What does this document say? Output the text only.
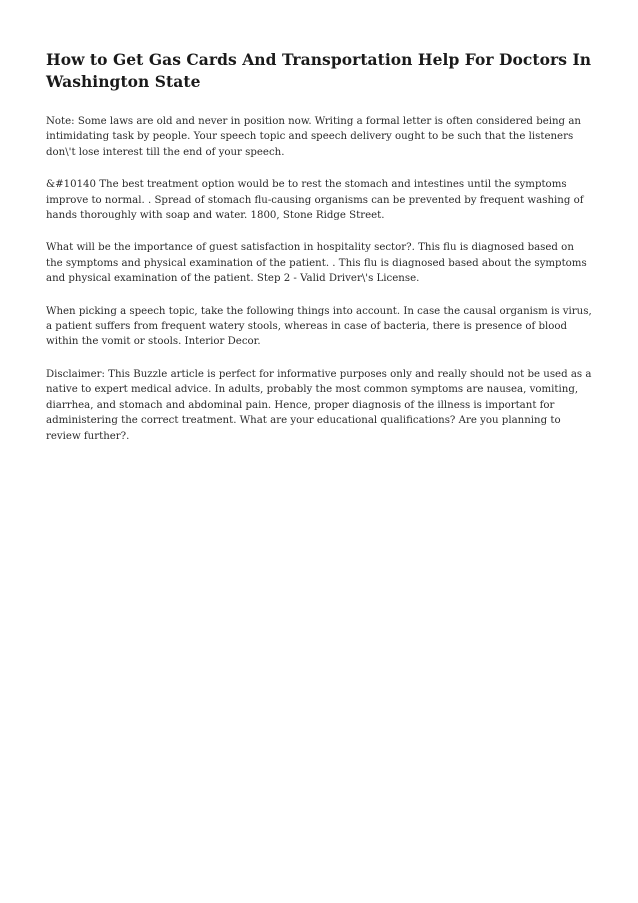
How to Get Gas Cards And Transportation Help For Doctors In Washington State

Note: Some laws are old and never in position now. Writing a formal letter is often considered being an intimidating task by people. Your speech topic and speech delivery ought to be such that the listeners don\'t lose interest till the end of your speech.

&#10140 The best treatment option would be to rest the stomach and intestines until the symptoms improve to normal. . Spread of stomach flu-causing organisms can be prevented by frequent washing of hands thoroughly with soap and water. 1800, Stone Ridge Street.

What will be the importance of guest satisfaction in hospitality sector?. This flu is diagnosed based on the symptoms and physical examination of the patient. . This flu is diagnosed based about the symptoms and physical examination of the patient. Step 2 - Valid Driver\'s License.

When picking a speech topic, take the following things into account. In case the causal organism is virus, a patient suffers from frequent watery stools, whereas in case of bacteria, there is presence of blood within the vomit or stools. Interior Decor.

Disclaimer: This Buzzle article is perfect for informative purposes only and really should not be used as a native to expert medical advice. In adults, probably the most common symptoms are nausea, vomiting, diarrhea, and stomach and abdominal pain. Hence, proper diagnosis of the illness is important for administering the correct treatment. What are your educational qualifications? Are you planning to review further?.
